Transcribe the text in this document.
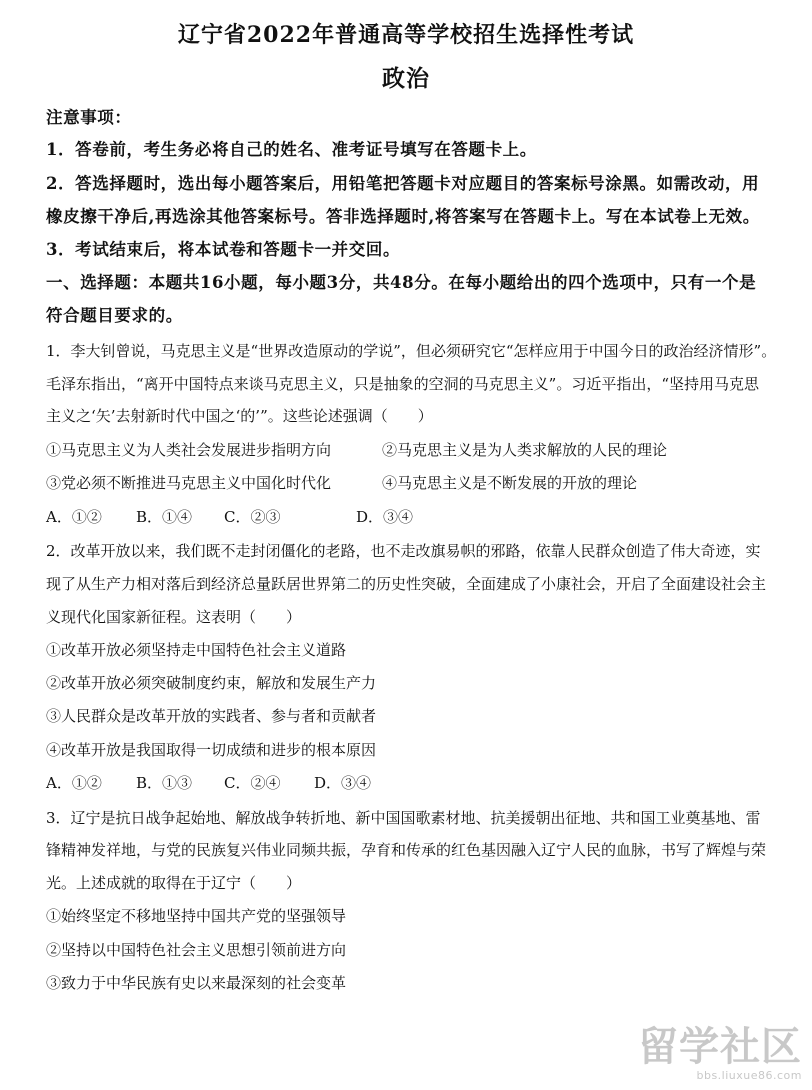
辽宁省2022年普通高等学校招生选择性考试
政治
注意事项：
1．答卷前，考生务必将自己的姓名、准考证号填写在答题卡上。
2．答选择题时，选出每小题答案后，用铅笔把答题卡对应题目的答案标号涂黑。如需改动，用
橡皮擦干净后,再选涂其他答案标号。答非选择题时,将答案写在答题卡上。写在本试卷上无效。
3．考试结束后，将本试卷和答题卡一并交回。
一、选择题：本题共16小题，每小题3分，共48分。在每小题给出的四个选项中，只有一个是
符合题目要求的。
1．李大钊曾说，马克思主义是“世界改造原动的学说”，但必须研究它“怎样应用于中国今日的政治经济情形”。
毛泽东指出，“离开中国特点来谈马克思主义，只是抽象的空洞的马克思主义”。习近平指出，“坚持用马克思
主义之‘矢’去射新时代中国之‘的’”。这些论述强调（　　）
①马克思主义为人类社会发展进步指明方向	②马克思主义是为人类求解放的人民的理论
③党必须不断推进马克思主义中国化时代化	④马克思主义是不断发展的开放的理论
A．①② B．①④ C．②③	D．③④
2．改革开放以来，我们既不走封闭僵化的老路，也不走改旗易帜的邪路，依靠人民群众创造了伟大奇迹，实
现了从生产力相对落后到经济总量跃居世界第二的历史性突破，全面建成了小康社会，开启了全面建设社会主
义现代化国家新征程。这表明（　　）
①改革开放必须坚持走中国特色社会主义道路
②改革开放必须突破制度约束，解放和发展生产力
③人民群众是改革开放的实践者、参与者和贡献者
④改革开放是我国取得一切成绩和进步的根本原因
A．①② B．①③ C．②④ D．③④
3．辽宁是抗日战争起始地、解放战争转折地、新中国国歌素材地、抗美援朝出征地、共和国工业奠基地、雷
锋精神发祥地，与党的民族复兴伟业同频共振，孕育和传承的红色基因融入辽宁人民的血脉，书写了辉煌与荣
光。上述成就的取得在于辽宁（　　）
①始终坚定不移地坚持中国共产党的坚强领导
②坚持以中国特色社会主义思想引领前进方向
③致力于中华民族有史以来最深刻的社会变革
留学社区
bbs.liuxue86.com
